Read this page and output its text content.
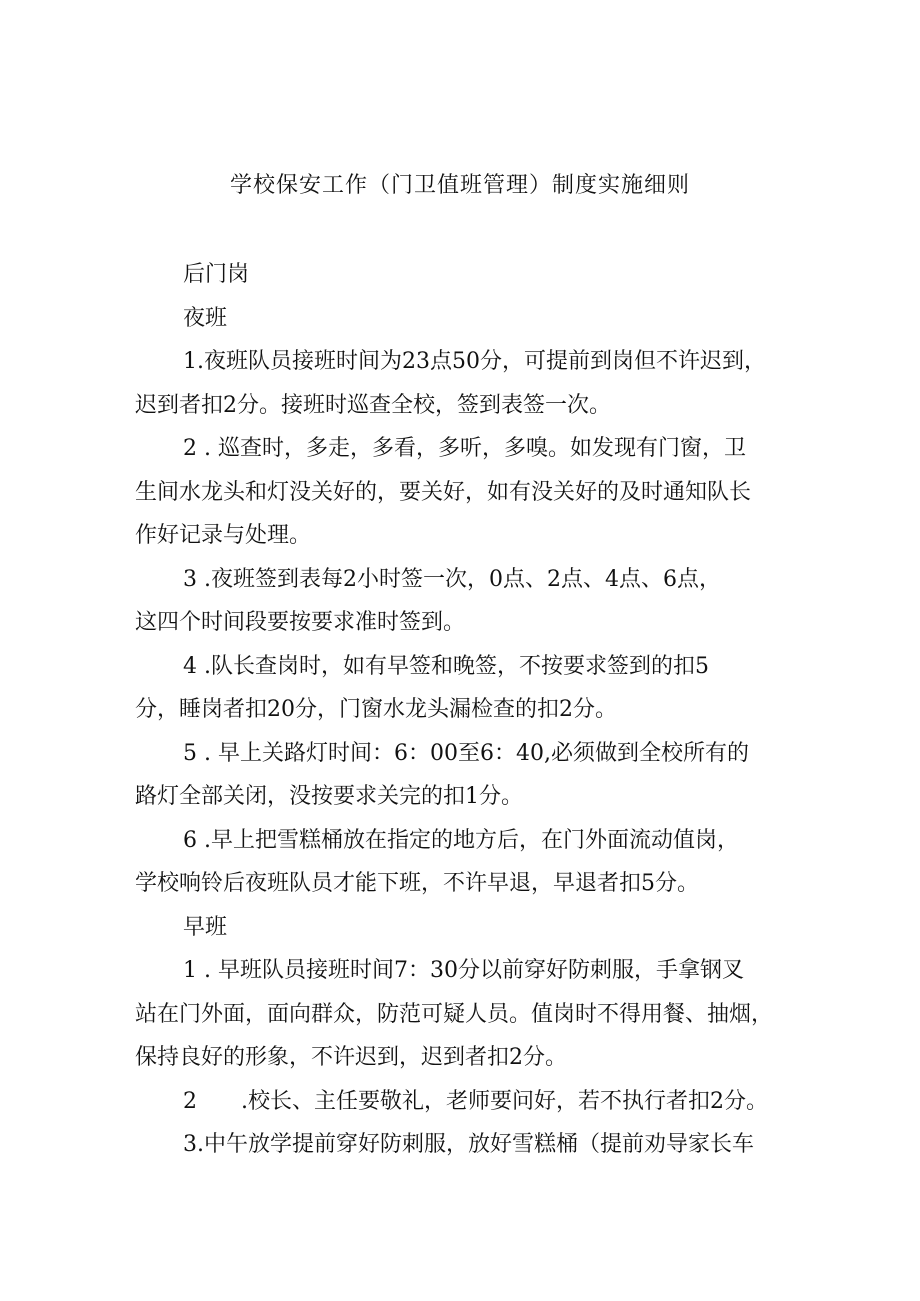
学校保安工作（门卫值班管理）制度实施细则
后门岗
夜班
1.夜班队员接班时间为23点50分，可提前到岗但不许迟到，
迟到者扣2分。接班时巡查全校，签到表签一次。
2 . 巡查时，多走，多看，多听，多嗅。如发现有门窗，卫
生间水龙头和灯没关好的，要关好，如有没关好的及时通知队长
作好记录与处理。
3 .夜班签到表每2小时签一次，0点、2点、4点、6点，
这四个时间段要按要求准时签到。
4 .队长查岗时，如有早签和晚签，不按要求签到的扣5
分，睡岗者扣20分，门窗水龙头漏检查的扣2分。
5 . 早上关路灯时间：6：00至6：40,必须做到全校所有的
路灯全部关闭，没按要求关完的扣1分。
6 .早上把雪糕桶放在指定的地方后，在门外面流动值岗，
学校响铃后夜班队员才能下班，不许早退，早退者扣5分。
早班
1 . 早班队员接班时间7：30分以前穿好防刺服，手拿钢叉
站在门外面，面向群众，防范可疑人员。值岗时不得用餐、抽烟，
保持良好的形象，不许迟到，迟到者扣2分。
2　　.校长、主任要敬礼，老师要问好，若不执行者扣2分。
3.中午放学提前穿好防刺服，放好雪糕桶（提前劝导家长车
